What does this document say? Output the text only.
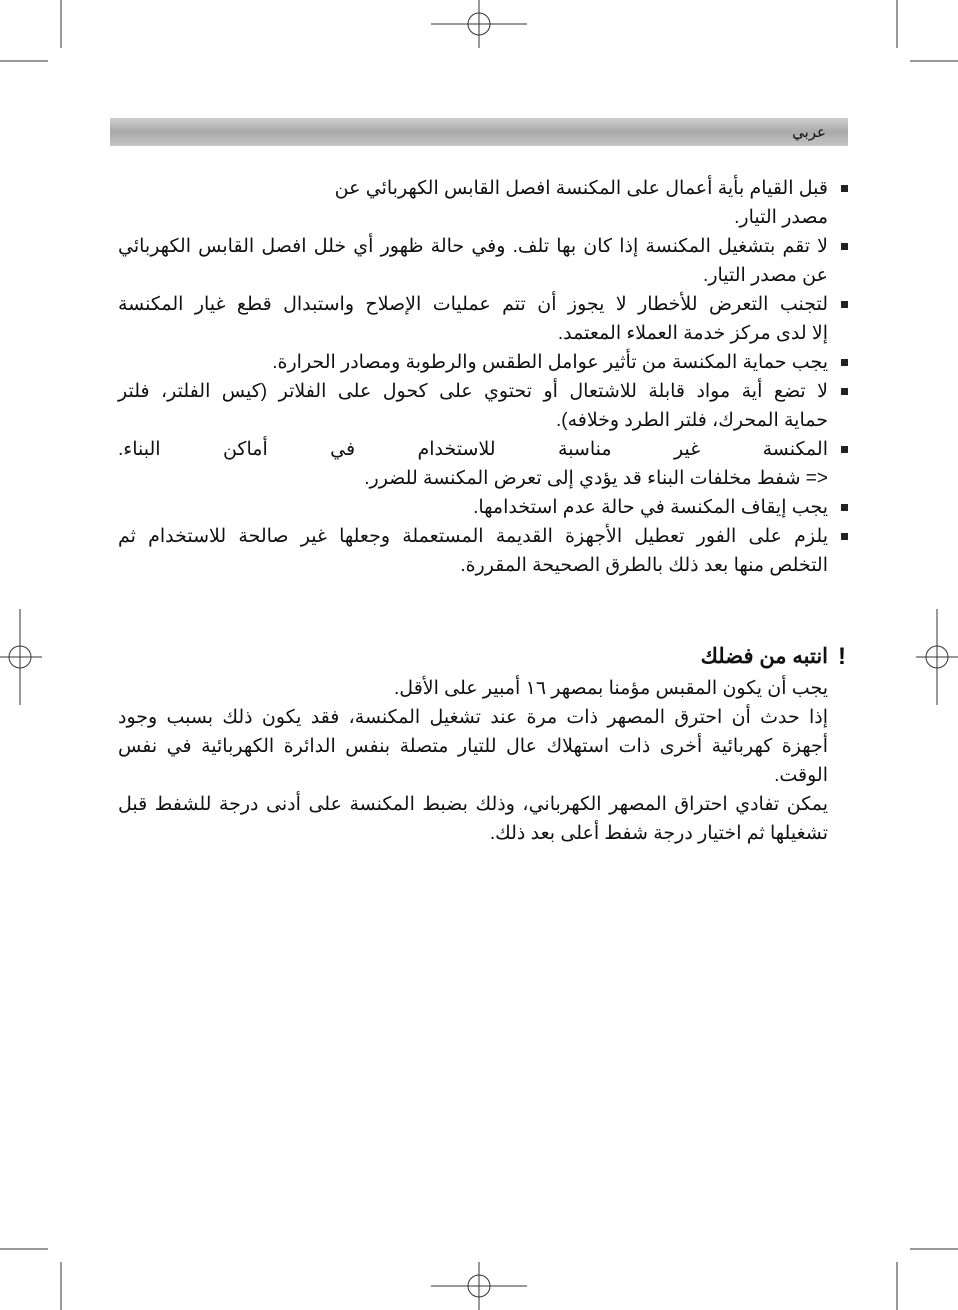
عربي
قبل القيام بأية أعمال على المكنسة افصل القابس الكهربائي عن
مصدر التيار.
لا تقم بتشغيل المكنسة إذا كان بها تلف. وفي حالة ظهور أي خلل افصل القابس الكهربائي
عن مصدر التيار.
لتجنب التعرض للأخطار لا يجوز أن تتم عمليات الإصلاح واستبدال قطع غيار المكنسة
إلا لدى مركز خدمة العملاء المعتمد.
يجب حماية المكنسة من تأثير عوامل الطقس والرطوبة ومصادر الحرارة.
لا تضع أية مواد قابلة للاشتعال أو تحتوي على كحول على الفلاتر (كيس الفلتر، فلتر
حماية المحرك، فلتر الطرد وخلافه).
المكنسة غير مناسبة للاستخدام في أماكن البناء.
<= شفط مخلفات البناء قد يؤدي إلى تعرض المكنسة للضرر.
يجب إيقاف المكنسة في حالة عدم استخدامها.
يلزم على الفور تعطيل الأجهزة القديمة المستعملة وجعلها غير صالحة للاستخدام ثم
التخلص منها بعد ذلك بالطرق الصحيحة المقررة.
!
انتبه من فضلك
يجب أن يكون المقبس مؤمنا بمصهر ١٦ أمبير على الأقل.
إذا حدث أن احترق المصهر ذات مرة عند تشغيل المكنسة، فقد يكون ذلك بسبب وجود
أجهزة كهربائية أخرى ذات استهلاك عال للتيار متصلة بنفس الدائرة الكهربائية في نفس
الوقت.
يمكن تفادي احتراق المصهر الكهرباني، وذلك بضبط المكنسة على أدنى درجة للشفط قبل
تشغيلها ثم اختيار درجة شفط أعلى بعد ذلك.
